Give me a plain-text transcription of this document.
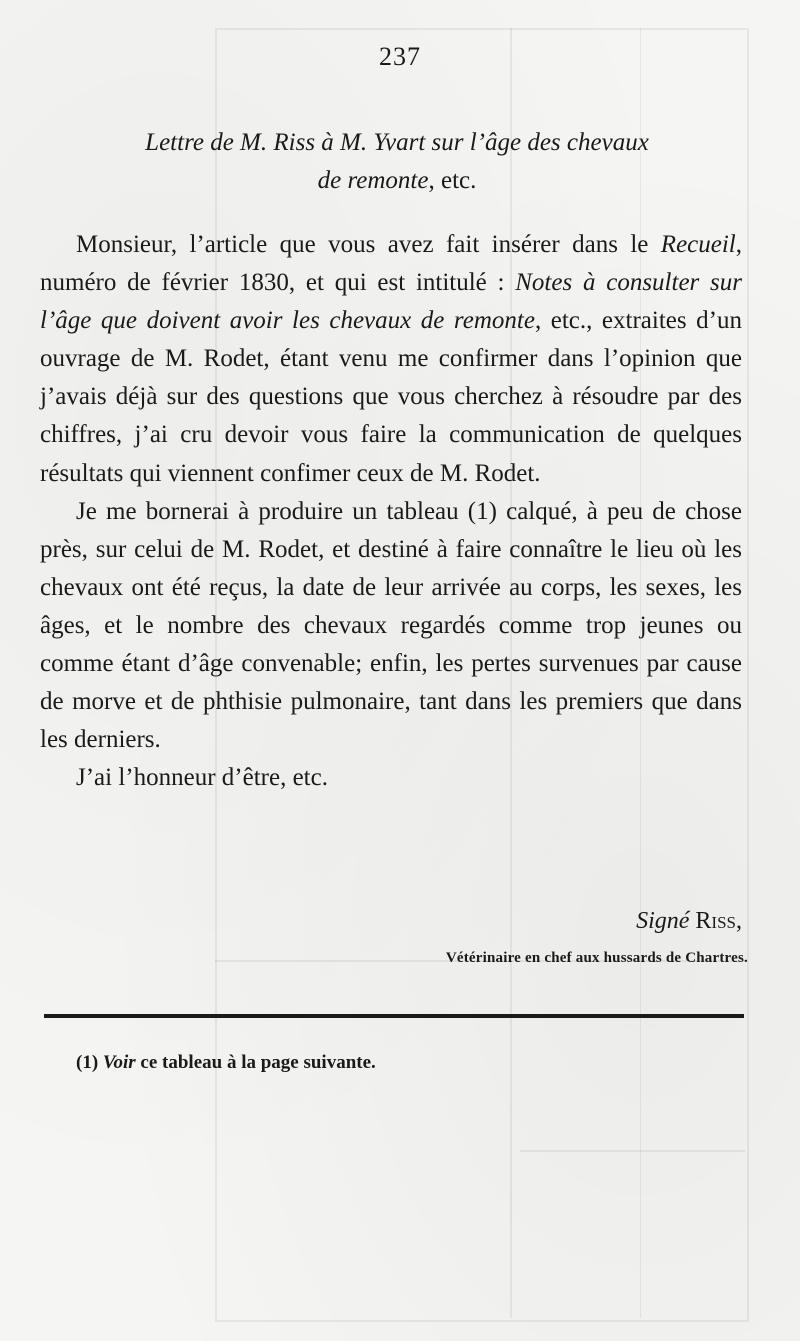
237
Lettre de M. Riss à M. Yvart sur l’âge des chevaux
de remonte, etc.

Monsieur, l’article que vous avez fait insérer dans le Recueil, numéro de février 1830, et qui est intitulé : Notes à consulter sur l’âge que doivent avoir les chevaux de remonte, etc., extraites d’un ouvrage de M. Rodet, étant venu me confirmer dans l’opinion que j’avais déjà sur des questions que vous cherchez à résoudre par des chiffres, j’ai cru devoir vous faire la communication de quelques résultats qui viennent confimer ceux de M. Rodet.

Je me bornerai à produire un tableau (1) calqué, à peu de chose près, sur celui de M. Rodet, et destiné à faire connaître le lieu où les chevaux ont été reçus, la date de leur arrivée au corps, les sexes, les âges, et le nombre des chevaux regardés comme trop jeunes ou comme étant d’âge convenable; enfin, les pertes survenues par cause de morve et de phthisie pulmonaire, tant dans les premiers que dans les derniers.

J’ai l’honneur d’être, etc.

Signé Riss,
Vétérinaire en chef aux hussards de Chartres.
(1) Voir ce tableau à la page suivante.
